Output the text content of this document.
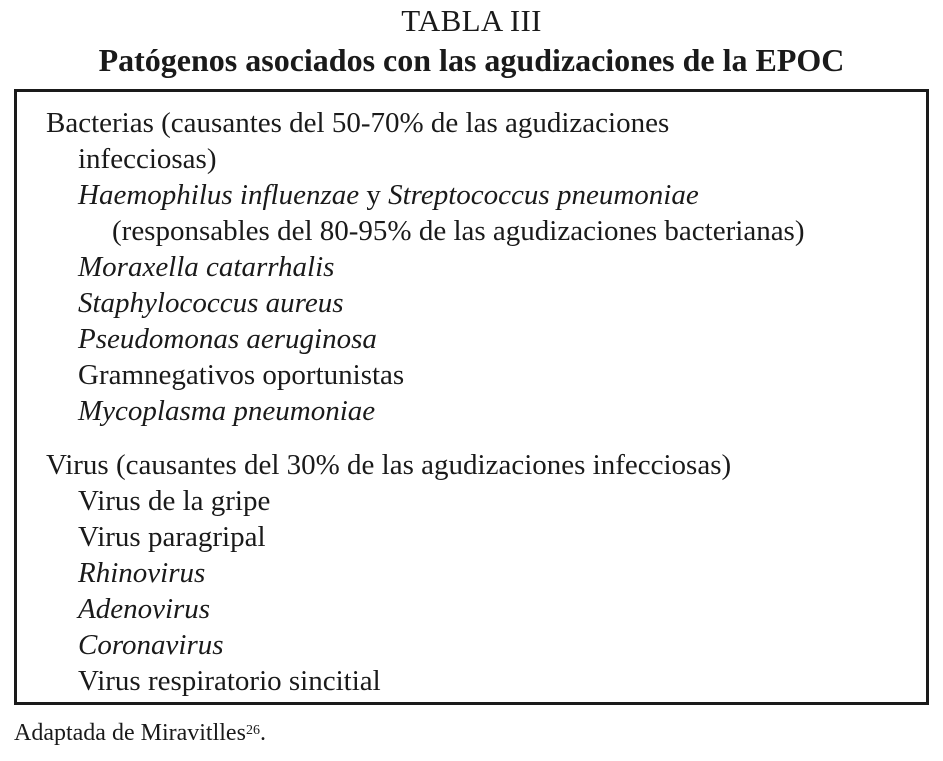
TABLA III
Patógenos asociados con las agudizaciones de la EPOC
Bacterias (causantes del 50-70% de las agudizaciones
infecciosas)
Haemophilus influenzae y Streptococcus pneumoniae
(responsables del 80-95% de las agudizaciones bacterianas)
Moraxella catarrhalis
Staphylococcus aureus
Pseudomonas aeruginosa
Gramnegativos oportunistas
Mycoplasma pneumoniae
Virus (causantes del 30% de las agudizaciones infecciosas)
Virus de la gripe
Virus paragripal
Rhinovirus
Adenovirus
Coronavirus
Virus respiratorio sincitial
Adaptada de Miravitlles$^{26}$.
